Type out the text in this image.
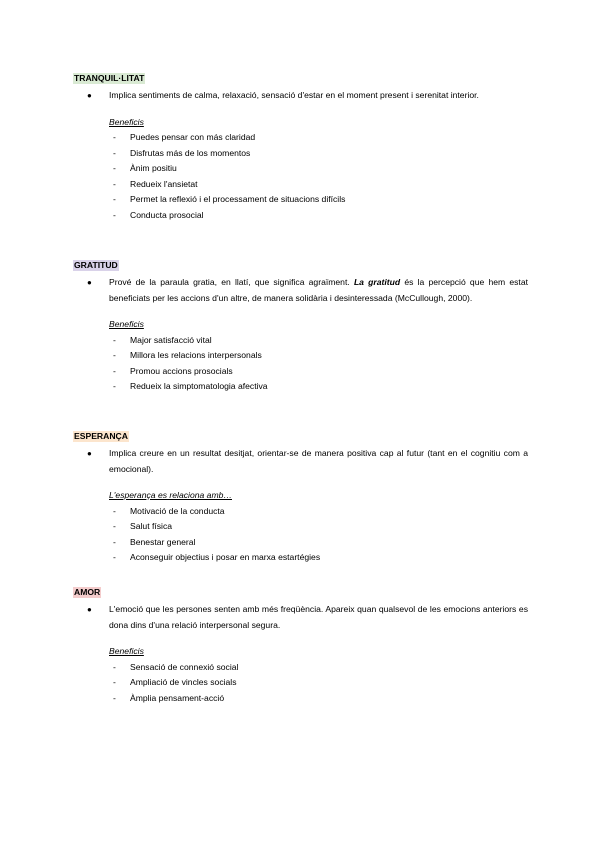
TRANQUIL·LITAT
● Implica sentiments de calma, relaxació, sensació d'estar en el moment present i serenitat interior.
Beneficis
- Puedes pensar con más claridad
- Disfrutas más de los momentos
- Ànim positiu
- Redueix l'ansietat
- Permet la reflexió i el processament de situacions difícils
- Conducta prosocial
GRATITUD
● Prové de la paraula gratia, en llatí, que significa agraïment. La gratitud és la percepció que hem estat beneficiats per les accions d'un altre, de manera solidària i desinteressada (McCullough, 2000).
Beneficis
- Major satisfacció vital
- Millora les relacions interpersonals
- Promou accions prosocials
- Redueix la simptomatologia afectiva
ESPERANÇA
● Implica creure en un resultat desitjat, orientar-se de manera positiva cap al futur (tant en el cognitiu com a emocional).
L'esperança es relaciona amb…
- Motivació de la conducta
- Salut física
- Benestar general
- Aconseguir objectius i posar en marxa estartégies
AMOR
● L'emoció que les persones senten amb més freqüència. Apareix quan qualsevol de les emocions anteriors es dona dins d'una relació interpersonal segura.
Beneficis
- Sensació de connexió social
- Ampliació de vincles socials
- Àmplia pensament-acció
